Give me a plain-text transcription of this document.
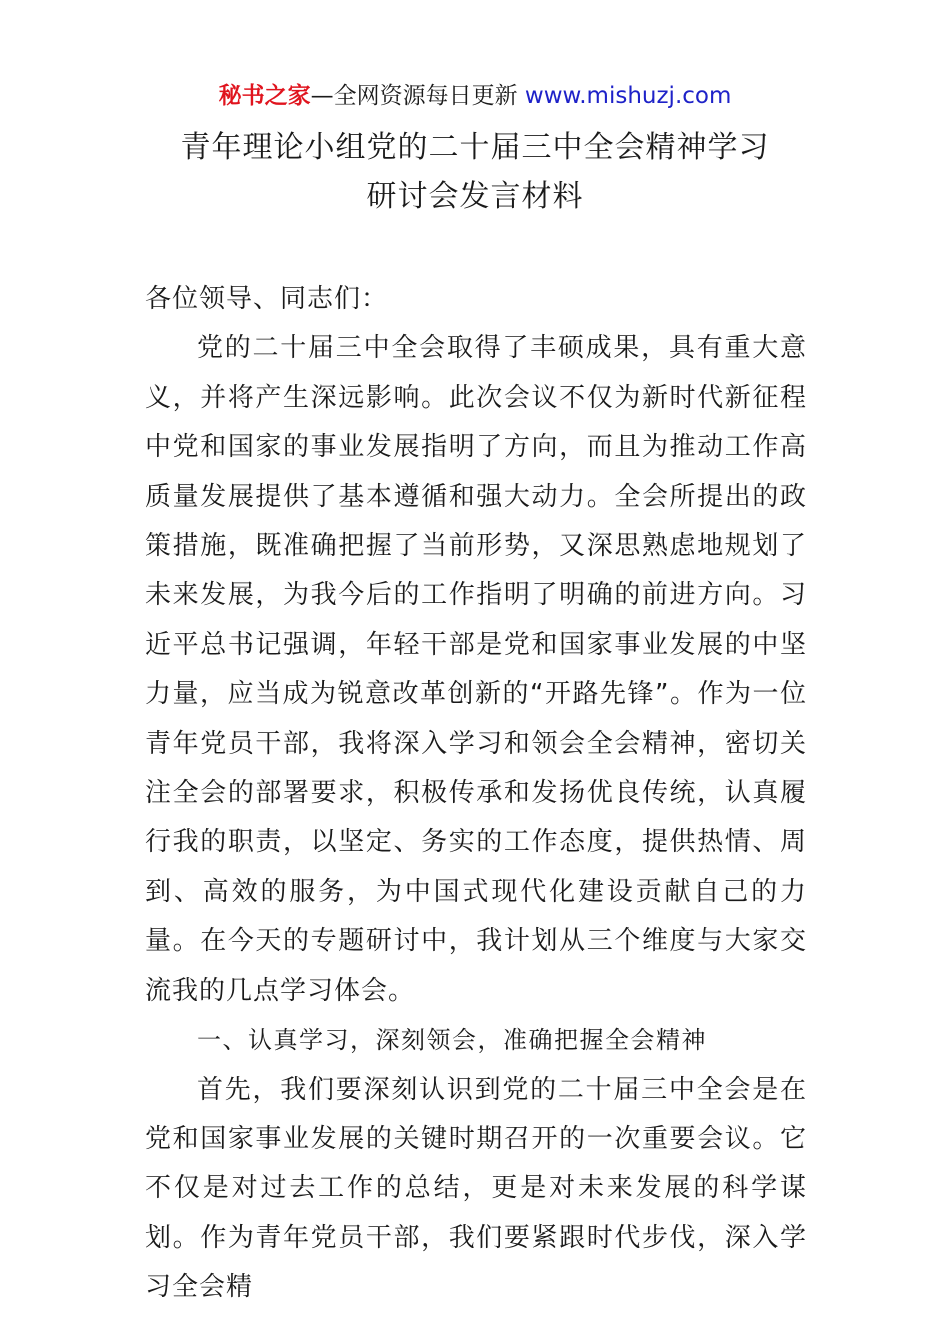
秘书之家—全网资源每日更新 www.mishuzj.com
青年理论小组党的二十届三中全会精神学习
研讨会发言材料

各位领导、同志们：

党的二十届三中全会取得了丰硕成果，具有重大意义，并将产生深远影响。此次会议不仅为新时代新征程中党和国家的事业发展指明了方向，而且为推动工作高质量发展提供了基本遵循和强大动力。全会所提出的政策措施，既准确把握了当前形势，又深思熟虑地规划了未来发展，为我今后的工作指明了明确的前进方向。习近平总书记强调，年轻干部是党和国家事业发展的中坚力量，应当成为锐意改革创新的“开路先锋”。作为一位青年党员干部，我将深入学习和领会全会精神，密切关注全会的部署要求，积极传承和发扬优良传统，认真履行我的职责，以坚定、务实的工作态度，提供热情、周到、高效的服务，为中国式现代化建设贡献自己的力量。在今天的专题研讨中，我计划从三个维度与大家交流我的几点学习体会。

一、认真学习，深刻领会，准确把握全会精神

首先，我们要深刻认识到党的二十届三中全会是在党和国家事业发展的关键时期召开的一次重要会议。它不仅是对过去工作的总结，更是对未来发展的科学谋划。作为青年党员干部，我们要紧跟时代步伐，深入学习全会精
